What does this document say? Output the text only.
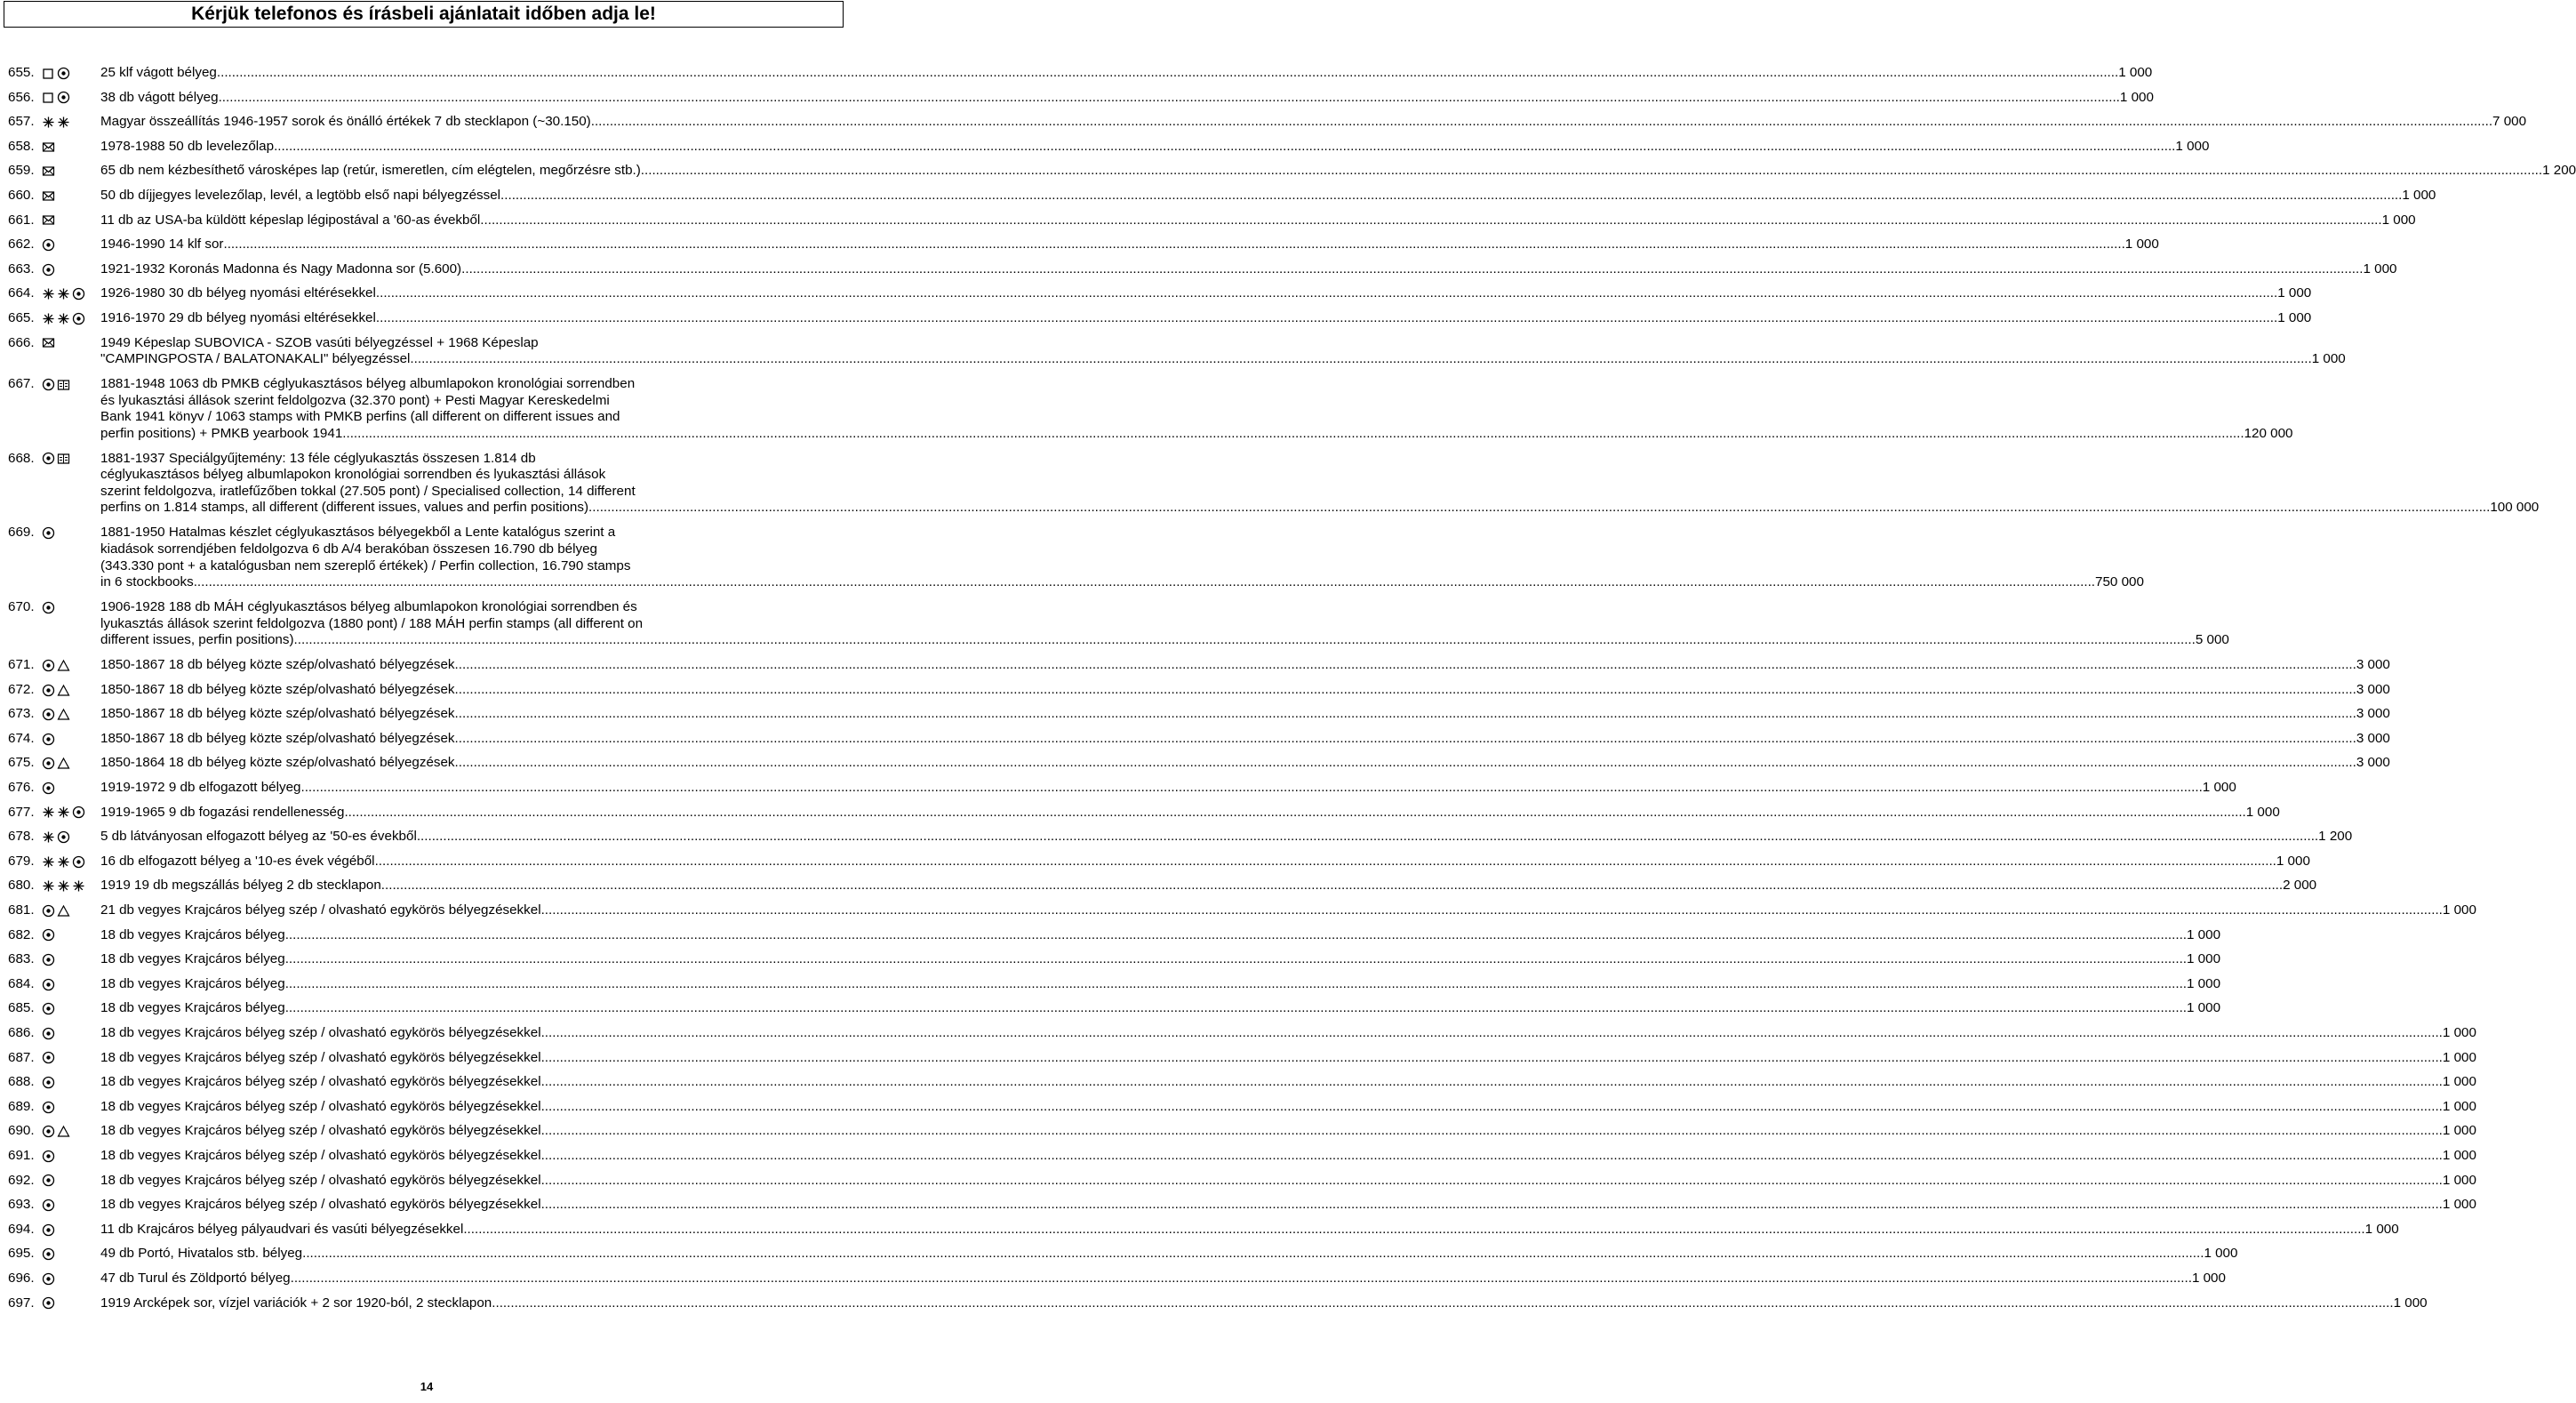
Kérjük telefonos és írásbeli ajánlatait időben adja le!
655.	25 klf vágott bélyeg .....	1 000
656.	38 db vágott bélyeg .....	1 000
657.	Magyar összeállítás 1946-1957 sorok és önálló értékek 7 db stecklapon (~30.150) .....	7 000
658.	1978-1988 50 db levelezőlap .....	1 000
659.	65 db nem kézbesíthető városképes lap (retúr, ismeretlen, cím elégtelen, megőrzésre stb.) .....	1 200
660.	50 db díjjegyes levelezőlap, levél, a legtöbb első napi bélyegzéssel .....	1 000
661.	11 db az USA-ba küldött képeslap légipostával a '60-as évekből .....	1 000
662.	1946-1990 14 klf sor .....	1 000
663.	1921-1932 Koronás Madonna és Nagy Madonna sor (5.600) .....	1 000
664.	1926-1980 30 db bélyeg nyomási eltérésekkel .....	1 000
665.	1916-1970 29 db bélyeg nyomási eltérésekkel .....	1 000
666.	1949 Képeslap SUBOVICA - SZOB vasúti bélyegzéssel + 1968 Képeslap
"CAMPINGPOSTA / BALATONAKALI" bélyegzéssel .....	1 000
667.	1881-1948 1063 db PMKB céglyukasztásos bélyeg albumlapokon kronológiai sorrendben
és lyukasztási állások szerint feldolgozva (32.370 pont) + Pesti Magyar Kereskedelmi
Bank 1941 könyv / 1063 stamps with PMKB perfins (all different on different issues and
perfin positions) + PMKB yearbook 1941 .....	120 000
668.	1881-1937 Speciálgyűjtemény: 13 féle céglyukasztás összesen 1.814 db
céglyukasztásos bélyeg albumlapokon kronológiai sorrendben és lyukasztási állások
szerint feldolgozva, iratlefűzőben tokkal (27.505 pont) / Specialised collection, 14 different
perfins on 1.814 stamps, all different (different issues, values and perfin positions) .....	100 000
669.	1881-1950 Hatalmas készlet céglyukasztásos bélyegekből a Lente katalógus szerint a
kiadások sorrendjében feldolgozva 6 db A/4 berakóban összesen 16.790 db bélyeg
(343.330 pont + a katalógusban nem szereplő értékek) / Perfin collection, 16.790 stamps
in 6 stockbooks .....	750 000
670.	1906-1928 188 db MÁH céglyukasztásos bélyeg albumlapokon kronológiai sorrendben és
lyukasztás állások szerint feldolgozva (1880 pont) / 188 MÁH perfin stamps (all different on
different issues, perfin positions) .....	5 000
671.	1850-1867 18 db bélyeg közte szép/olvasható bélyegzések .....	3 000
672.	1850-1867 18 db bélyeg közte szép/olvasható bélyegzések .....	3 000
673.	1850-1867 18 db bélyeg közte szép/olvasható bélyegzések .....	3 000
674.	1850-1867 18 db bélyeg közte szép/olvasható bélyegzések .....	3 000
675.	1850-1864 18 db bélyeg közte szép/olvasható bélyegzések .....	3 000
676.	1919-1972 9 db elfogazott bélyeg .....	1 000
677.	1919-1965 9 db fogazási rendellenesség .....	1 000
678.	5 db látványosan elfogazott bélyeg az '50-es évekből .....	1 200
679.	16 db elfogazott bélyeg a '10-es évek végéből .....	1 000
680.	1919 19 db megszállás bélyeg 2 db stecklapon .....	2 000
681.	21 db vegyes Krajcáros bélyeg szép / olvasható egykörös bélyegzésekkel .....	1 000
682.	18 db vegyes Krajcáros bélyeg .....	1 000
683.	18 db vegyes Krajcáros bélyeg .....	1 000
684.	18 db vegyes Krajcáros bélyeg .....	1 000
685.	18 db vegyes Krajcáros bélyeg .....	1 000
686.	18 db vegyes Krajcáros bélyeg szép / olvasható egykörös bélyegzésekkel .....	1 000
687.	18 db vegyes Krajcáros bélyeg szép / olvasható egykörös bélyegzésekkel .....	1 000
688.	18 db vegyes Krajcáros bélyeg szép / olvasható egykörös bélyegzésekkel .....	1 000
689.	18 db vegyes Krajcáros bélyeg szép / olvasható egykörös bélyegzésekkel .....	1 000
690.	18 db vegyes Krajcáros bélyeg szép / olvasható egykörös bélyegzésekkel .....	1 000
691.	18 db vegyes Krajcáros bélyeg szép / olvasható egykörös bélyegzésekkel .....	1 000
692.	18 db vegyes Krajcáros bélyeg szép / olvasható egykörös bélyegzésekkel .....	1 000
693.	18 db vegyes Krajcáros bélyeg szép / olvasható egykörös bélyegzésekkel .....	1 000
694.	11 db Krajcáros bélyeg pályaudvari és vasúti bélyegzésekkel .....	1 000
695.	49 db Portó, Hivatalos stb. bélyeg .....	1 000
696.	47 db Turul és Zöldportó bélyeg .....	1 000
697.	1919 Arcképek sor, vízjel variációk + 2 sor 1920-ból, 2 stecklapon .....	1 000
14
